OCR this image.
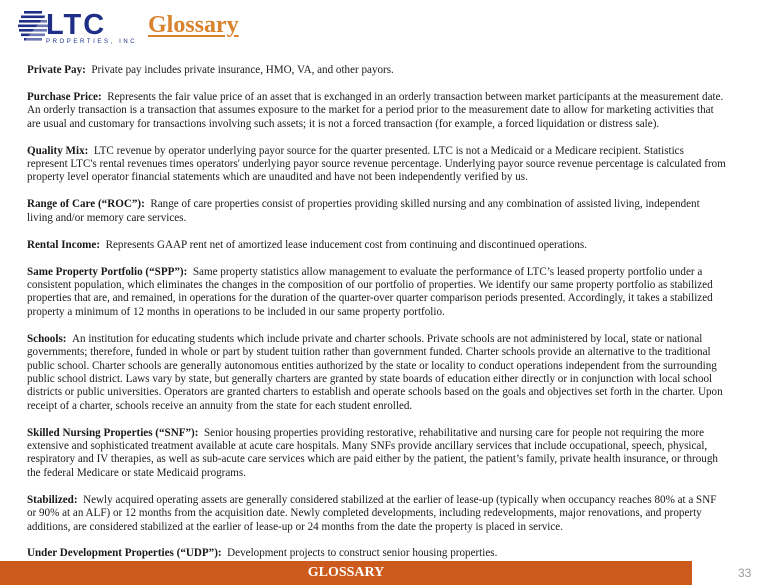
LTC
PROPERTIES, INC
Glossary
Private Pay: Private pay includes private insurance, HMO, VA, and other payors.
Purchase Price: Represents the fair value price of an asset that is exchanged in an orderly transaction between market participants at the measurement date. An orderly transaction is a transaction that assumes exposure to the market for a period prior to the measurement date to allow for marketing activities that are usual and customary for transactions involving such assets; it is not a forced transaction (for example, a forced liquidation or distress sale).
Quality Mix: LTC revenue by operator underlying payor source for the quarter presented. LTC is not a Medicaid or a Medicare recipient. Statistics represent LTC's rental revenues times operators' underlying payor source revenue percentage. Underlying payor source revenue percentage is calculated from property level operator financial statements which are unaudited and have not been independently verified by us.
Range of Care (“ROC”): Range of care properties consist of properties providing skilled nursing and any combination of assisted living, independent living and/or memory care services.
Rental Income: Represents GAAP rent net of amortized lease inducement cost from continuing and discontinued operations.
Same Property Portfolio (“SPP”): Same property statistics allow management to evaluate the performance of LTC’s leased property portfolio under a consistent population, which eliminates the changes in the composition of our portfolio of properties. We identify our same property portfolio as stabilized properties that are, and remained, in operations for the duration of the quarter-over quarter comparison periods presented. Accordingly, it takes a stabilized property a minimum of 12 months in operations to be included in our same property portfolio.
Schools: An institution for educating students which include private and charter schools. Private schools are not administered by local, state or national governments; therefore, funded in whole or part by student tuition rather than government funded. Charter schools provide an alternative to the traditional public school. Charter schools are generally autonomous entities authorized by the state or locality to conduct operations independent from the surrounding public school district. Laws vary by state, but generally charters are granted by state boards of education either directly or in conjunction with local school districts or public universities. Operators are granted charters to establish and operate schools based on the goals and objectives set forth in the charter. Upon receipt of a charter, schools receive an annuity from the state for each student enrolled.
Skilled Nursing Properties (“SNF”): Senior housing properties providing restorative, rehabilitative and nursing care for people not requiring the more extensive and sophisticated treatment available at acute care hospitals. Many SNFs provide ancillary services that include occupational, speech, physical, respiratory and IV therapies, as well as sub-acute care services which are paid either by the patient, the patient’s family, private health insurance, or through the federal Medicare or state Medicaid programs.
Stabilized: Newly acquired operating assets are generally considered stabilized at the earlier of lease-up (typically when occupancy reaches 80% at a SNF or 90% at an ALF) or 12 months from the acquisition date. Newly completed developments, including redevelopments, major renovations, and property additions, are considered stabilized at the earlier of lease-up or 24 months from the date the property is placed in service.
Under Development Properties (“UDP”): Development projects to construct senior housing properties.
GLOSSARY	33
